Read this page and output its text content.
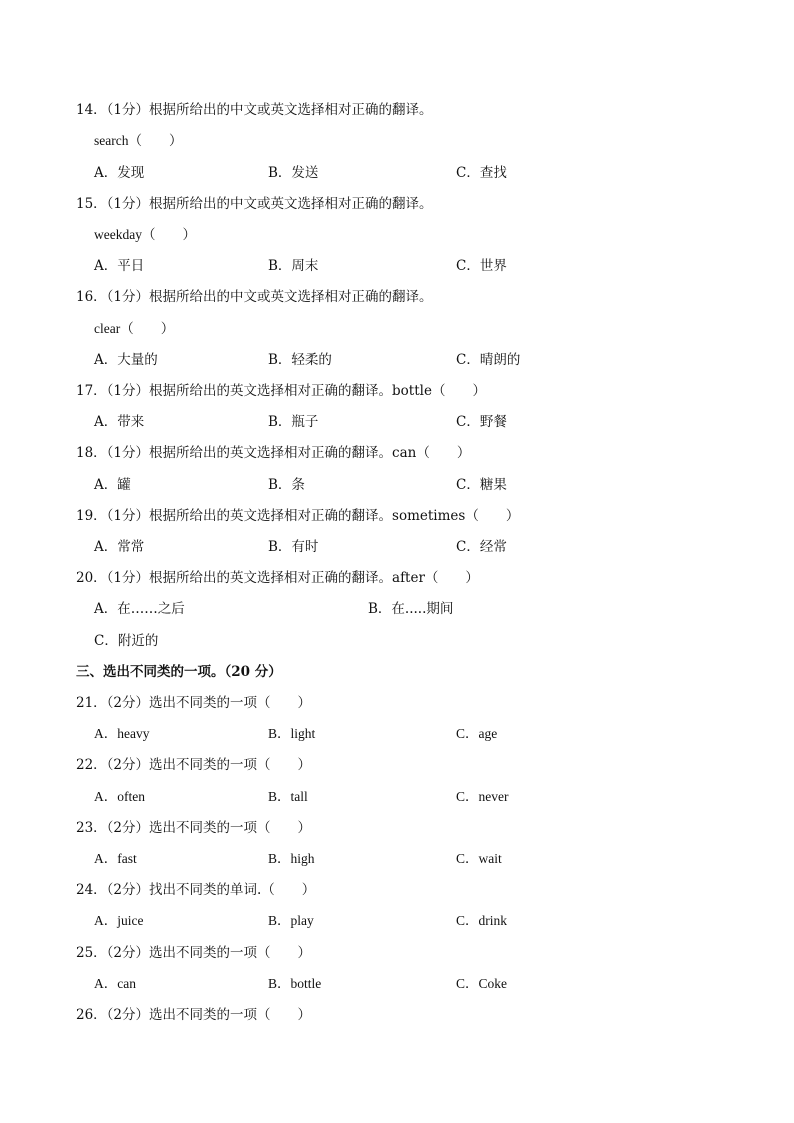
14．（1分）根据所给出的中文或英文选择相对正确的翻译。
search（　　）
A．发现	B．发送	C．查找
15．（1分）根据所给出的中文或英文选择相对正确的翻译。
weekday（　　）
A．平日	B．周末	C．世界
16．（1分）根据所给出的中文或英文选择相对正确的翻译。
clear（　　）
A．大量的	B．轻柔的	C．晴朗的
17．（1分）根据所给出的英文选择相对正确的翻译。bottle（　　）
A．带来	B．瓶子	C．野餐
18．（1分）根据所给出的英文选择相对正确的翻译。can（　　）
A．罐	B．条	C．糖果
19．（1分）根据所给出的英文选择相对正确的翻译。sometimes（　　）
A．常常	B．有时	C．经常
20．（1分）根据所给出的英文选择相对正确的翻译。after（　　）
A．在……之后	B．在.....期间
C．附近的
三、选出不同类的一项。（20 分）
21．（2分）选出不同类的一项（　　）
A．heavy	B．light	C．age
22．（2分）选出不同类的一项（　　）
A．often	B．tall	C．never
23．（2分）选出不同类的一项（　　）
A．fast	B．high	C．wait
24．（2分）找出不同类的单词.（　　）
A．juice	B．play	C．drink
25．（2分）选出不同类的一项（　　）
A．can	B．bottle	C．Coke
26．（2分）选出不同类的一项（　　）
